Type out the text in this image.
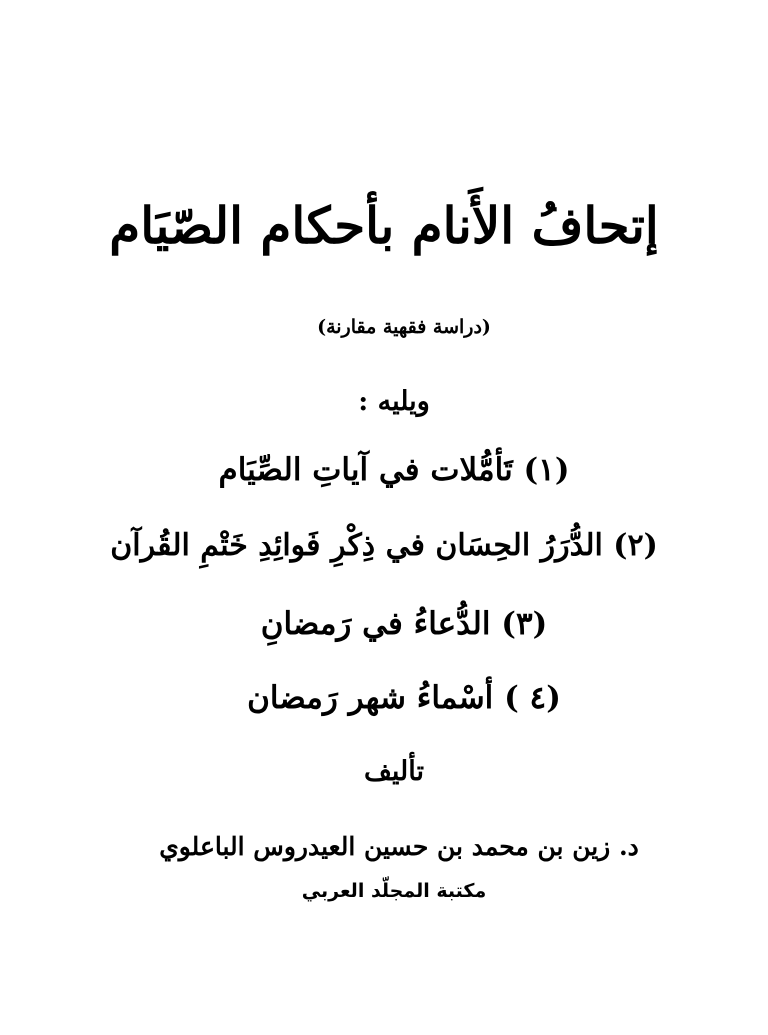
إتحافُ الأَنام بأحكام الصّيَام
(دراسة فقهية مقارنة)
ويليه :
(١) تَأمُّلات في آياتِ الصِّيَام
(٢) الدُّرَرُ الحِسَان في ذِكْرِ فَوائِدِ خَتْمِ القُرآن
(٣) الدُّعاءُ في رَمضانِ
(٤ ) أسْماءُ شهر رَمضان
تأليف
د. زين بن محمد بن حسين العيدروس الباعلوي
مكتبة المجلّد العربي
